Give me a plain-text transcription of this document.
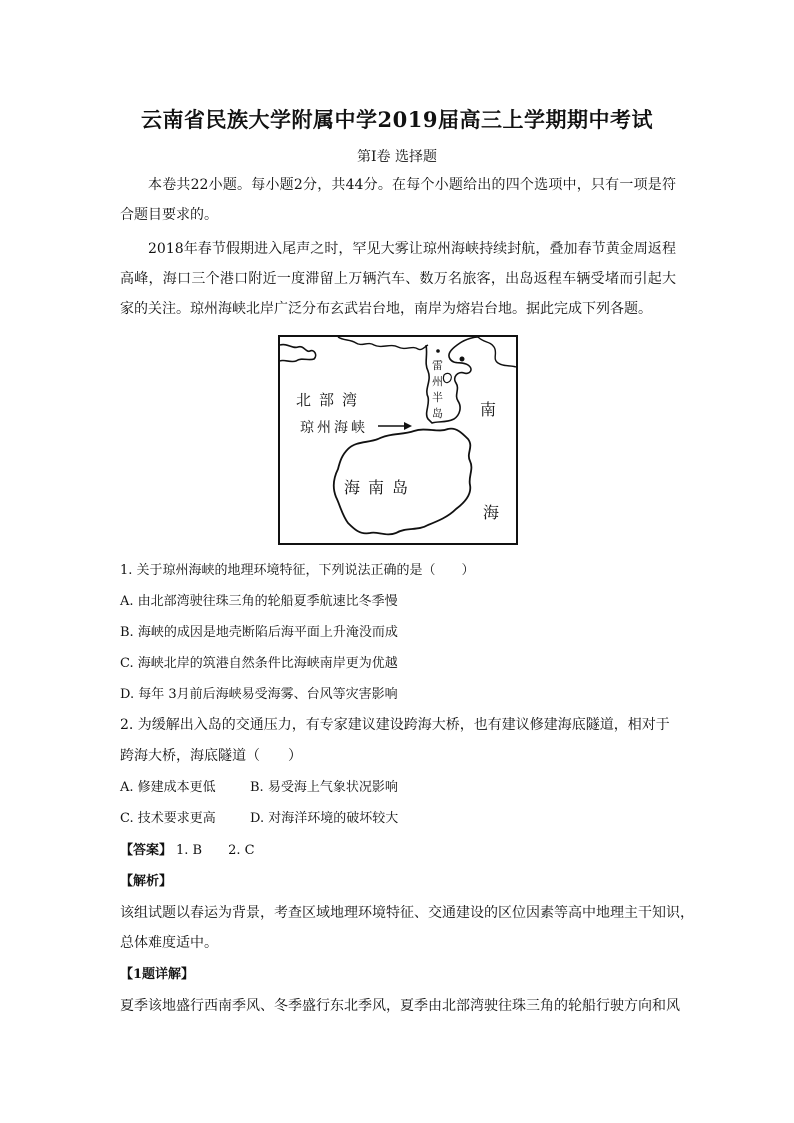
云南省民族大学附属中学2019届高三上学期期中考试
第Ⅰ卷 选择题
本卷共22小题。每小题2分，共44分。在每个小题给出的四个选项中，只有一项是符合题目要求的。
2018年春节假期进入尾声之时，罕见大雾让琼州海峡持续封航，叠加春节黄金周返程高峰，海口三个港口附近一度滞留上万辆汽车、数万名旅客，出岛返程车辆受堵而引起大家的关注。琼州海峡北岸广泛分布玄武岩台地，南岸为熔岩台地。据此完成下列各题。
北部湾
琼州海峡
雷
州
半
岛
海南岛
南
海
1. 关于琼州海峡的地理环境特征，下列说法正确的是（　　）
A. 由北部湾驶往珠三角的轮船夏季航速比冬季慢
B. 海峡的成因是地壳断陷后海平面上升淹没而成
C. 海峡北岸的筑港自然条件比海峡南岸更为优越
D. 每年 3月前后海峡易受海雾、台风等灾害影响
2. 为缓解出入岛的交通压力，有专家建议建设跨海大桥，也有建议修建海底隧道，相对于
跨海大桥，海底隧道（　　）
A. 修建成本更低	B. 易受海上气象状况影响
C. 技术要求更高	D. 对海洋环境的破坏较大
【答案】 1. B 2. C
【解析】
该组试题以春运为背景，考查区域地理环境特征、交通建设的区位因素等高中地理主干知识，
总体难度适中。
【1题详解】
夏季该地盛行西南季风、冬季盛行东北季风，夏季由北部湾驶往珠三角的轮船行驶方向和风
